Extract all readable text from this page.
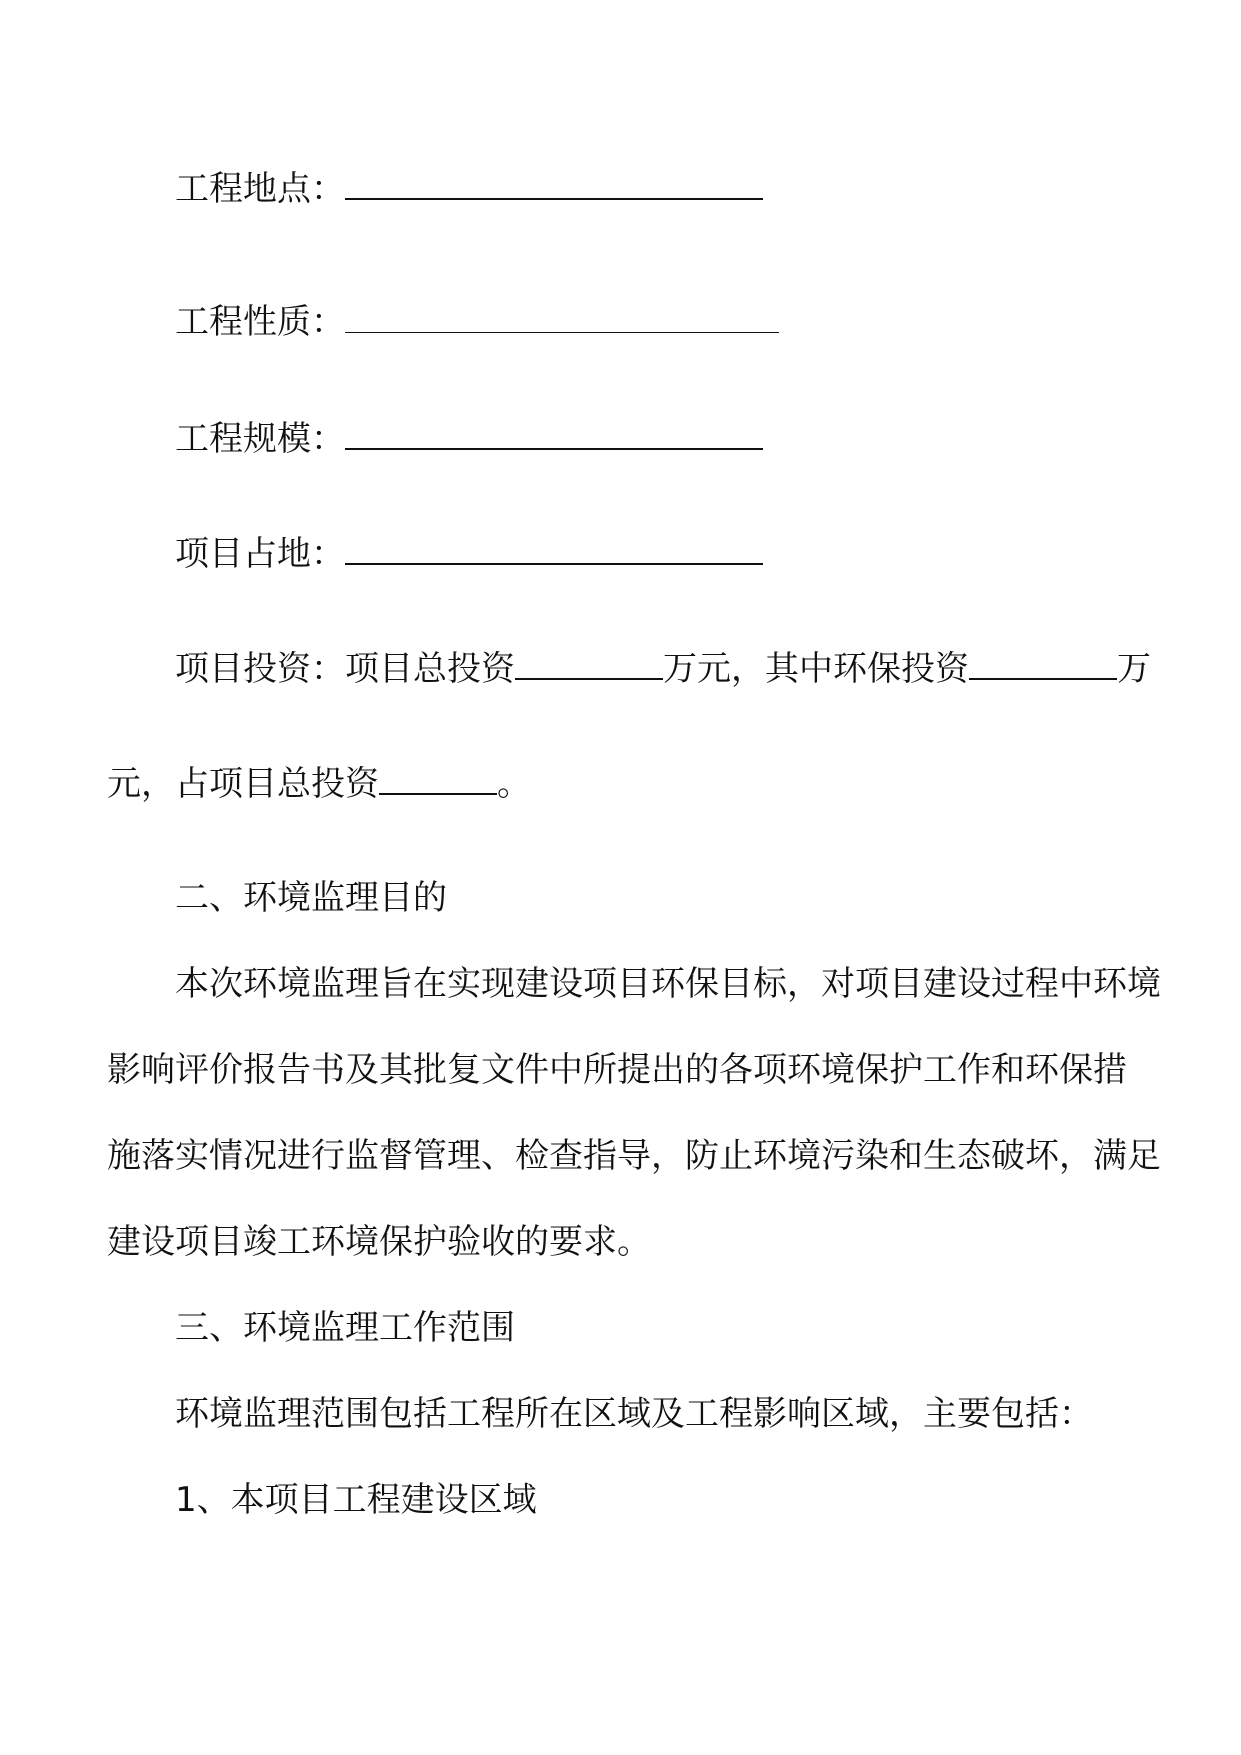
工程地点：
工程性质：
工程规模：
项目占地：
项目投资：项目总投资	万元，其中环保投资	万
元，占项目总投资	。
二、环境监理目的
本次环境监理旨在实现建设项目环保目标，对项目建设过程中环境
影响评价报告书及其批复文件中所提出的各项环境保护工作和环保措
施落实情况进行监督管理、检查指导，防止环境污染和生态破坏，满足
建设项目竣工环境保护验收的要求。
三、环境监理工作范围
环境监理范围包括工程所在区域及工程影响区域，主要包括：
1、本项目工程建设区域
